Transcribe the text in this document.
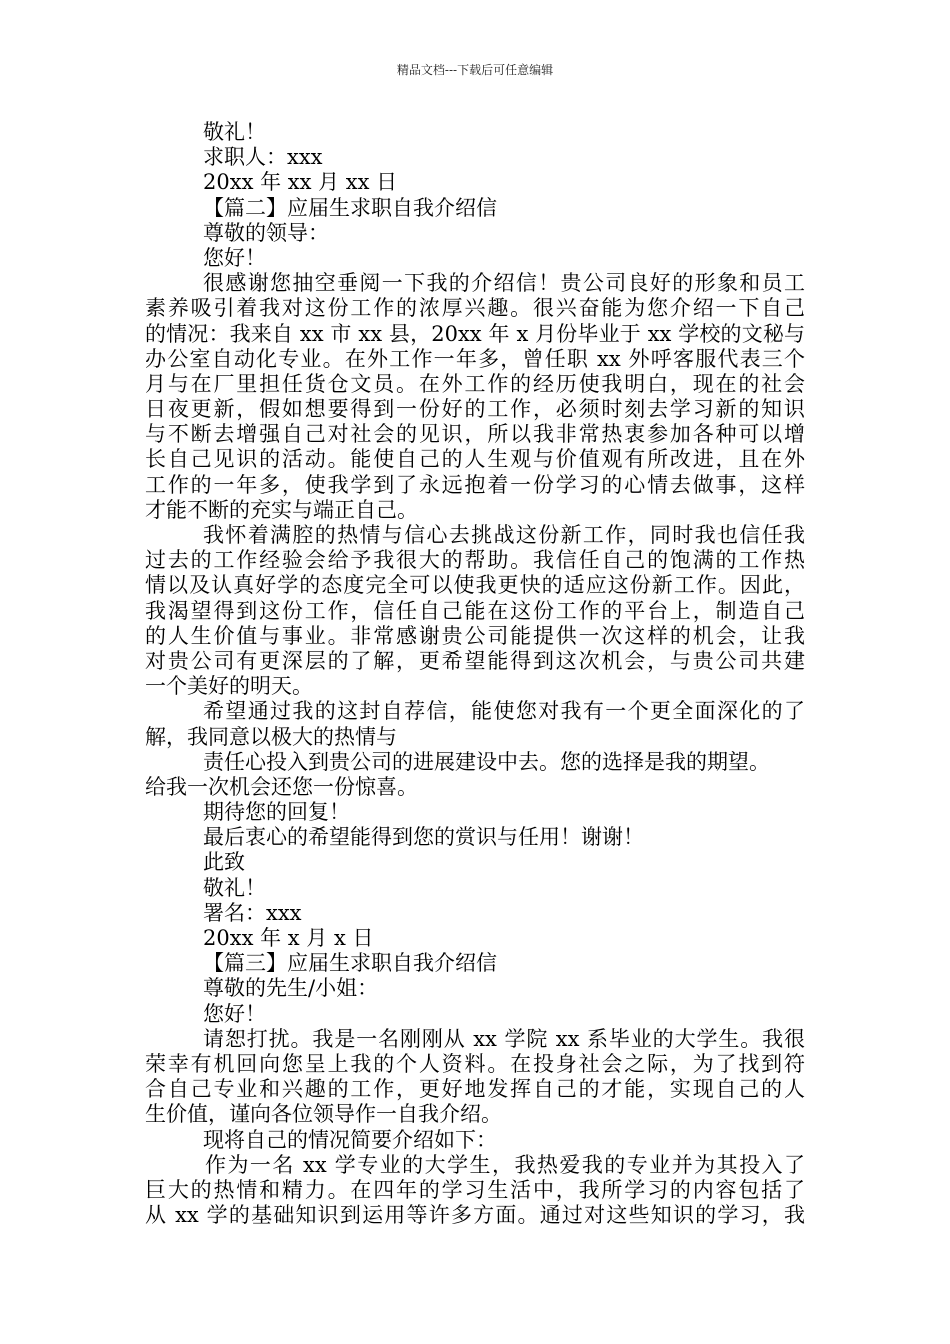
精品文档---下载后可任意编辑
敬礼！
求职人：xxx
20xx 年 xx 月 xx 日
【篇二】应届生求职自我介绍信
尊敬的领导：
您好！
很感谢您抽空垂阅一下我的介绍信！贵公司良好的形象和员工
素养吸引着我对这份工作的浓厚兴趣。很兴奋能为您介绍一下自己
的情况：我来自 xx 市 xx 县，20xx 年 x 月份毕业于 xx 学校的文秘与
办公室自动化专业。在外工作一年多，曾任职 xx 外呼客服代表三个
月与在厂里担任货仓文员。在外工作的经历使我明白，现在的社会
日夜更新，假如想要得到一份好的工作，必须时刻去学习新的知识
与不断去增强自己对社会的见识，所以我非常热衷参加各种可以增
长自己见识的活动。能使自己的人生观与价值观有所改进，且在外
工作的一年多，使我学到了永远抱着一份学习的心情去做事，这样
才能不断的充实与端正自己。
我怀着满腔的热情与信心去挑战这份新工作，同时我也信任我
过去的工作经验会给予我很大的帮助。我信任自己的饱满的工作热
情以及认真好学的态度完全可以使我更快的适应这份新工作。因此，
我渴望得到这份工作，信任自己能在这份工作的平台上，制造自己
的人生价值与事业。非常感谢贵公司能提供一次这样的机会，让我
对贵公司有更深层的了解，更希望能得到这次机会，与贵公司共建
一个美好的明天。
希望通过我的这封自荐信，能使您对我有一个更全面深化的了
解，我同意以极大的热情与
责任心投入到贵公司的进展建设中去。您的选择是我的期望。
给我一次机会还您一份惊喜。
期待您的回复！
最后衷心的希望能得到您的赏识与任用！谢谢！
此致
敬礼！
署名：xxx
20xx 年 x 月 x 日
【篇三】应届生求职自我介绍信
尊敬的先生/小姐：
您好！
请恕打扰。我是一名刚刚从 xx 学院 xx 系毕业的大学生。我很
荣幸有机回向您呈上我的个人资料。在投身社会之际，为了找到符
合自己专业和兴趣的工作，更好地发挥自己的才能，实现自己的人
生价值，谨向各位领导作一自我介绍。
现将自己的情况简要介绍如下：
作为一名 xx 学专业的大学生，我热爱我的专业并为其投入了
巨大的热情和精力。在四年的学习生活中，我所学习的内容包括了
从 xx 学的基础知识到运用等许多方面。通过对这些知识的学习，我
